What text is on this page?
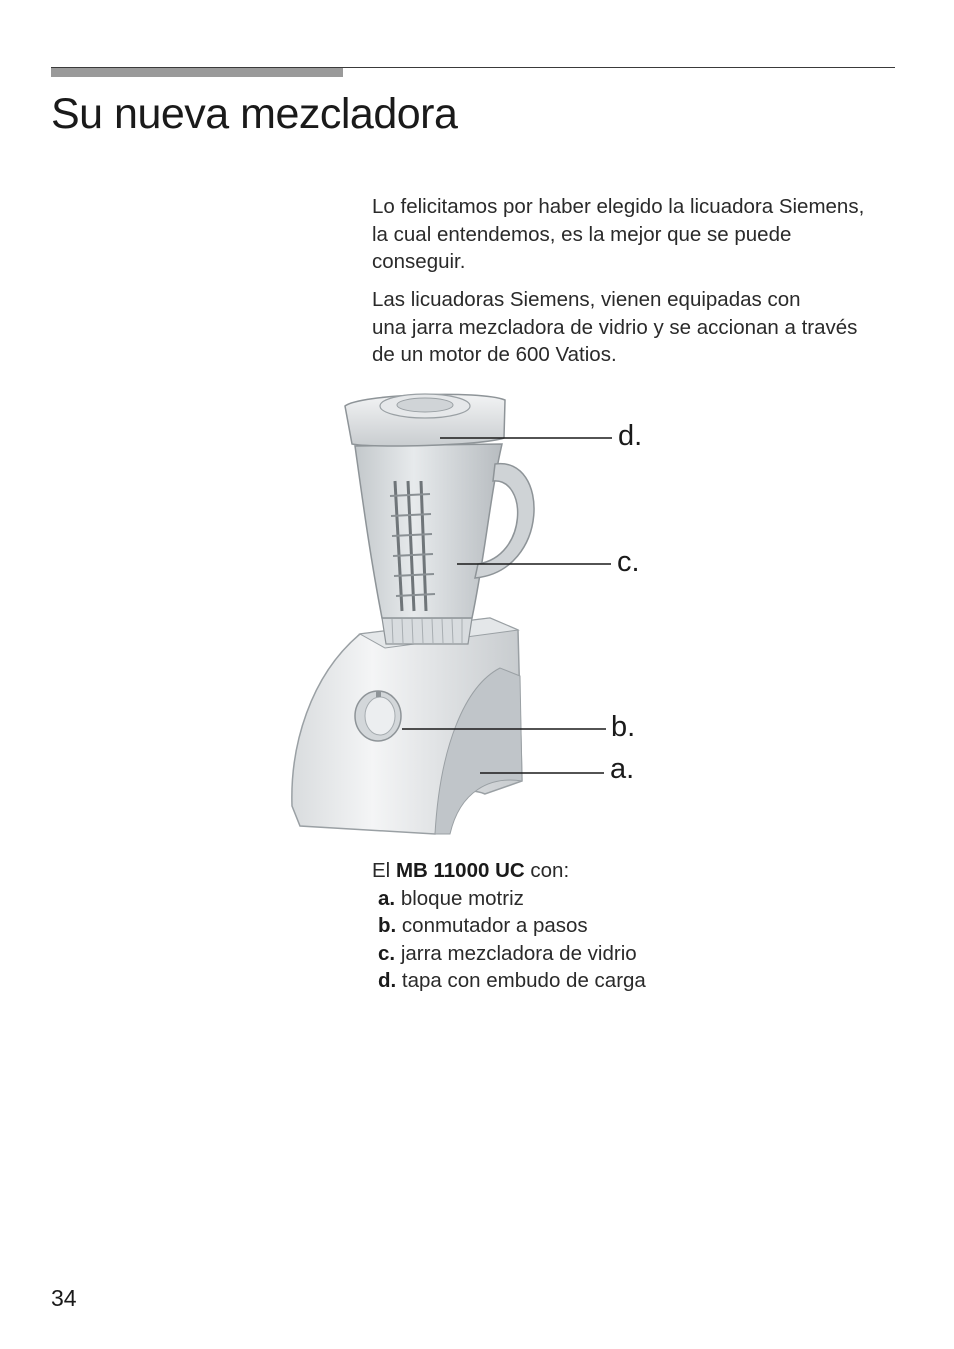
Su nueva mezcladora

Lo felicitamos por haber elegido la licuadora Siemens,
la cual entendemos, es la mejor que se puede
conseguir.

Las licuadoras Siemens, vienen equipadas con
una jarra mezcladora de vidrio y se accionan a través
de un motor de 600 Vatios.

d.
c.
b.
a.
El MB 11000 UC con:
a. bloque motriz
b. conmutador a pasos
c. jarra mezcladora de vidrio
d. tapa con embudo de carga
34
